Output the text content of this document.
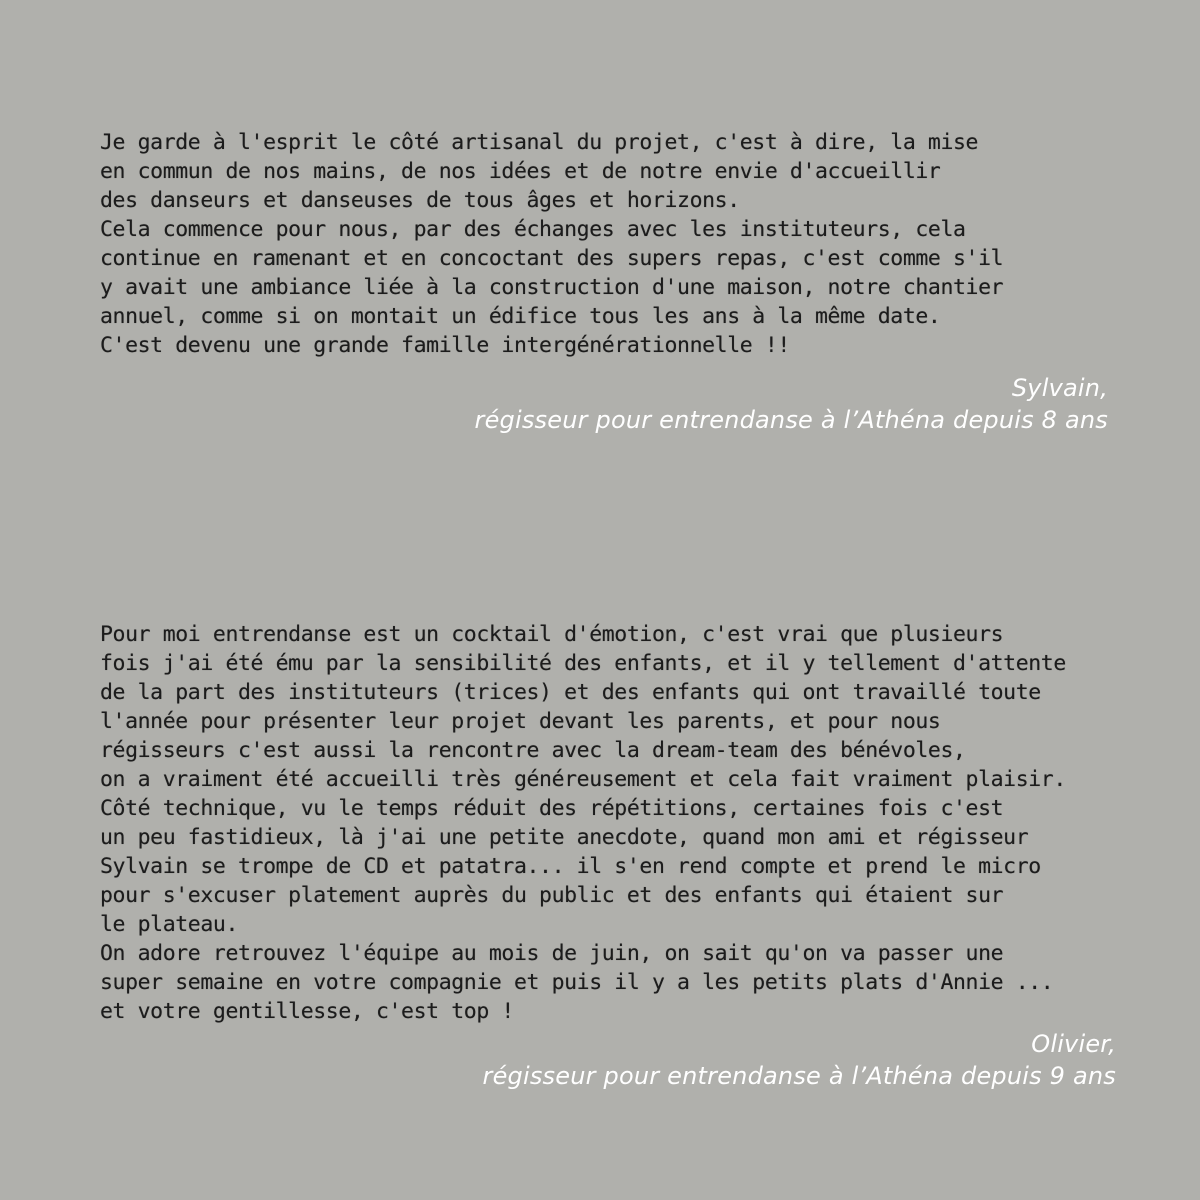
Je garde à l'esprit le côté artisanal du projet, c'est à dire, la mise
en commun de nos mains, de nos idées et de notre envie d'accueillir
des danseurs et danseuses de tous âges et horizons.
Cela commence pour nous, par des échanges avec les instituteurs, cela
continue en ramenant et en concoctant des supers repas, c'est comme s'il
y avait une ambiance liée à la construction d'une maison, notre chantier
annuel, comme si on montait un édifice tous les ans à la même date.
C'est devenu une grande famille intergénérationnelle !!
Sylvain,
régisseur pour entrendanse à l’Athéna depuis 8 ans
Pour moi entrendanse est un cocktail d'émotion, c'est vrai que plusieurs
fois j'ai été ému par la sensibilité des enfants, et il y tellement d'attente
de la part des instituteurs (trices) et des enfants qui ont travaillé toute
l'année pour présenter leur projet devant les parents, et pour nous
régisseurs c'est aussi la rencontre avec la dream-team des bénévoles,
on a vraiment été accueilli très généreusement et cela fait vraiment plaisir.
Côté technique, vu le temps réduit des répétitions, certaines fois c'est
un peu fastidieux, là j'ai une petite anecdote, quand mon ami et régisseur
Sylvain se trompe de CD et patatra... il s'en rend compte et prend le micro
pour s'excuser platement auprès du public et des enfants qui étaient sur
le plateau.
On adore retrouvez l'équipe au mois de juin, on sait qu'on va passer une
super semaine en votre compagnie et puis il y a les petits plats d'Annie ...
et votre gentillesse, c'est top !
Olivier,
régisseur pour entrendanse à l’Athéna depuis 9 ans
